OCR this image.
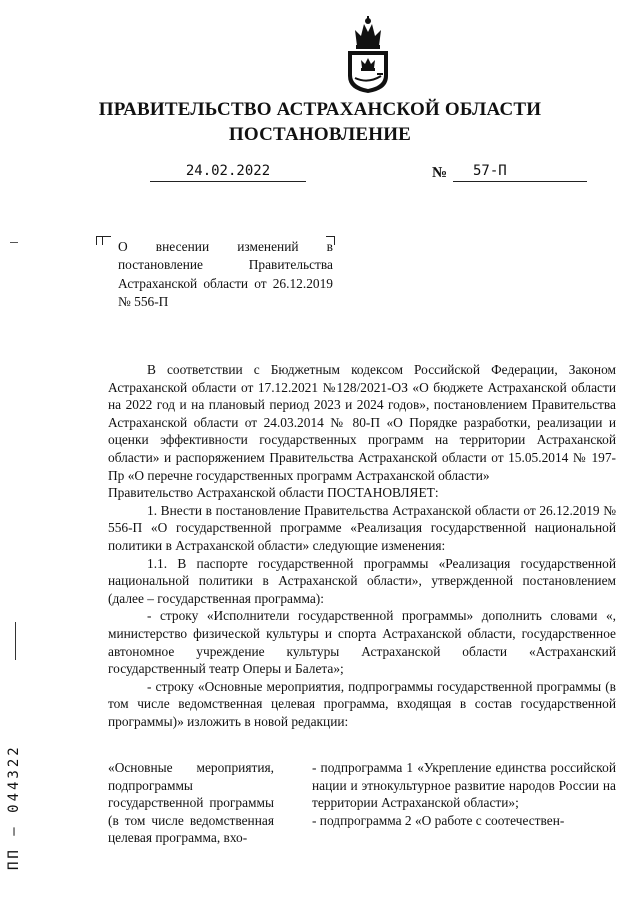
ПРАВИТЕЛЬСТВО АСТРАХАНСКОЙ ОБЛАСТИ
ПОСТАНОВЛЕНИЕ
24.02.2022	№	57-П
О внесении изменений в постановление Правительства Астраханской области от 26.12.2019 № 556-П

В соответствии с Бюджетным кодексом Российской Федерации, Законом Астраханской области от 17.12.2021 №128/2021-ОЗ «О бюджете Астраханской области на 2022 год и на плановый период 2023 и 2024 годов», постановлением Правительства Астраханской области от 24.03.2014 № 80-П «О Порядке разработки, реализации и оценки эффективности государственных программ на территории Астраханской области» и распоряжением Правительства Астраханской области от 15.05.2014 № 197-Пр «О перечне государственных программ Астраханской области»

Правительство Астраханской области ПОСТАНОВЛЯЕТ:

1. Внести в постановление Правительства Астраханской области от 26.12.2019 № 556-П «О государственной программе «Реализация государственной национальной политики в Астраханской области» следующие изменения:

1.1. В паспорте государственной программы «Реализация государственной национальной политики в Астраханской области», утвержденной постановлением (далее – государственная программа):

- строку «Исполнители государственной программы» дополнить словами «, министерство физической культуры и спорта Астраханской области, государственное автономное учреждение культуры Астраханской области «Астраханский государственный театр Оперы и Балета»;

- строку «Основные мероприятия, подпрограммы государственной программы (в том числе ведомственная целевая программа, входящая в состав государственной программы)» изложить в новой редакции:

«Основные мероприятия, подпрограммы государственной программы (в том числе ведомственная целевая программа, вхо-
- подпрограмма 1 «Укрепление единства российской нации и этнокультурное развитие народов России на территории Астраханской области»;
- подпрограмма 2 «О работе с соотечествен-
ПП – 044322
